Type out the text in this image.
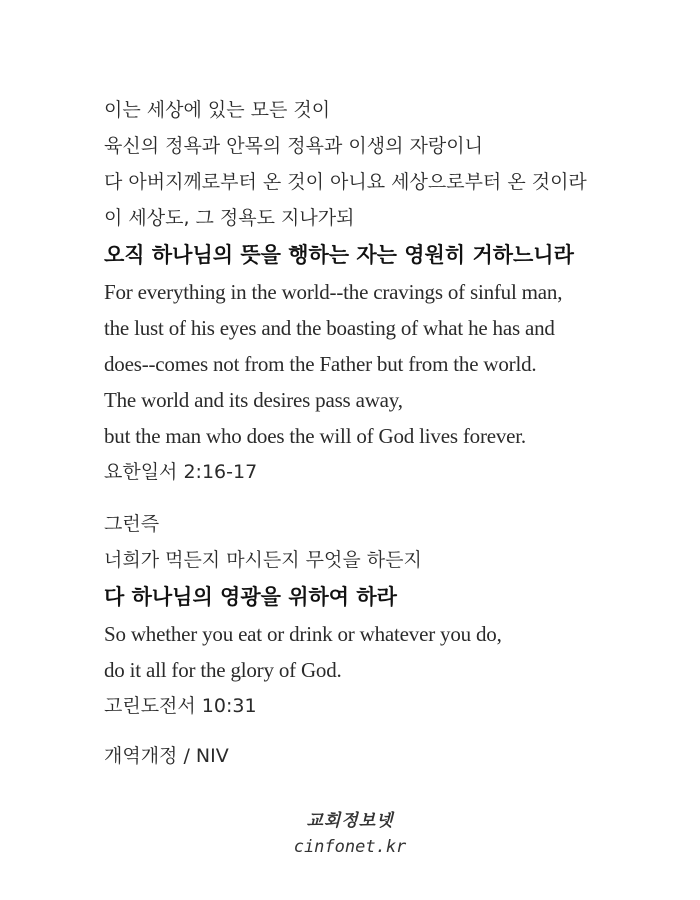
이는 세상에 있는 모든 것이
육신의 정욕과 안목의 정욕과 이생의 자랑이니
다 아버지께로부터 온 것이 아니요 세상으로부터 온 것이라
이 세상도, 그 정욕도 지나가되
오직 하나님의 뜻을 행하는 자는 영원히 거하느니라
For everything in the world--the cravings of sinful man,
the lust of his eyes and the boasting of what he has and
does--comes not from the Father but from the world.
The world and its desires pass away,
but the man who does the will of God lives forever.
요한일서 2:16-17
그런즉
너희가 먹든지 마시든지 무엇을 하든지
다 하나님의 영광을 위하여 하라
So whether you eat or drink or whatever you do,
do it all for the glory of God.
고린도전서 10:31
개역개정 / NIV
교회정보넷
cinfonet.kr
